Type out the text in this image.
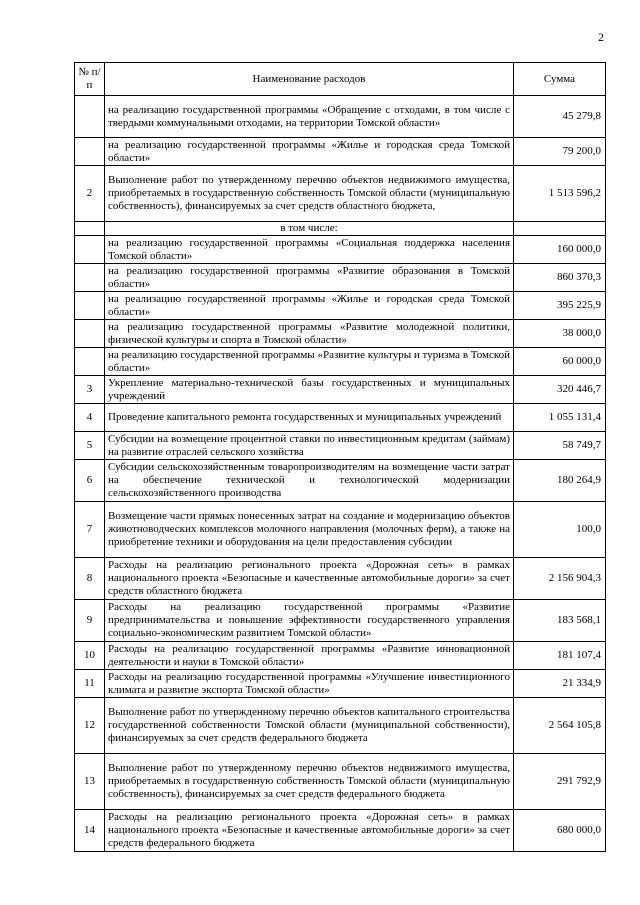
2
№ п/п	Наименование расходов	Сумма
	на реализацию государственной программы «Обращение с отходами, в том числе с твердыми коммунальными отходами, на территории Томской области»	45 279,8
	на реализацию государственной программы «Жилье и городская среда Томской области»	79 200,0
2	Выполнение работ по утвержденному перечню объектов недвижимого имущества, приобретаемых в государственную собственность Томской области (муниципальную собственность), финансируемых за счет средств областного бюджета,	1 513 596,2
	в том числе:	
	на реализацию государственной программы «Социальная поддержка населения Томской области»	160 000,0
	на реализацию государственной программы «Развитие образования в Томской области»	860 370,3
	на реализацию государственной программы «Жилье и городская среда Томской области»	395 225,9
	на реализацию государственной программы «Развитие молодежной политики, физической культуры и спорта в Томской области»	38 000,0
	на реализацию государственной программы «Развитие культуры и туризма в Томской области»	60 000,0
3	Укрепление материально-технической базы государственных и муниципальных учреждений	320 446,7
4	Проведение капитального ремонта государственных и муниципальных учреждений	1 055 131,4
5	Субсидии на возмещение процентной ставки по инвестиционным кредитам (займам) на развитие отраслей сельского хозяйства	58 749,7
6	Субсидии сельскохозяйственным товаропроизводителям на возмещение части затрат на обеспечение технической и технологической модернизации сельскохозяйственного производства	180 264,9
7	Возмещение части прямых понесенных затрат на создание и модернизацию объектов животноводческих комплексов молочного направления (молочных ферм), а также на приобретение техники и оборудования на цели предоставления субсидии	100,0
8	Расходы на реализацию регионального проекта «Дорожная сеть» в рамках национального проекта «Безопасные и качественные автомобильные дороги» за счет средств областного бюджета	2 156 904,3
9	Расходы на реализацию государственной программы «Развитие предпринимательства и повышение эффективности государственного управления социально-экономическим развитием Томской области»	183 568,1
10	Расходы на реализацию государственной программы «Развитие инновационной деятельности и науки в Томской области»	181 107,4
11	Расходы на реализацию государственной программы «Улучшение инвестиционного климата и развитие экспорта Томской области»	21 334,9
12	Выполнение работ по утвержденному перечню объектов капитального строительства государственной собственности Томской области (муниципальной собственности), финансируемых за счет средств федерального бюджета	2 564 105,8
13	Выполнение работ по утвержденному перечню объектов недвижимого имущества, приобретаемых в государственную собственность Томской области (муниципальную собственность), финансируемых за счет средств федерального бюджета	291 792,9
14	Расходы на реализацию регионального проекта «Дорожная сеть» в рамках национального проекта «Безопасные и качественные автомобильные дороги» за счет средств федерального бюджета	680 000,0
